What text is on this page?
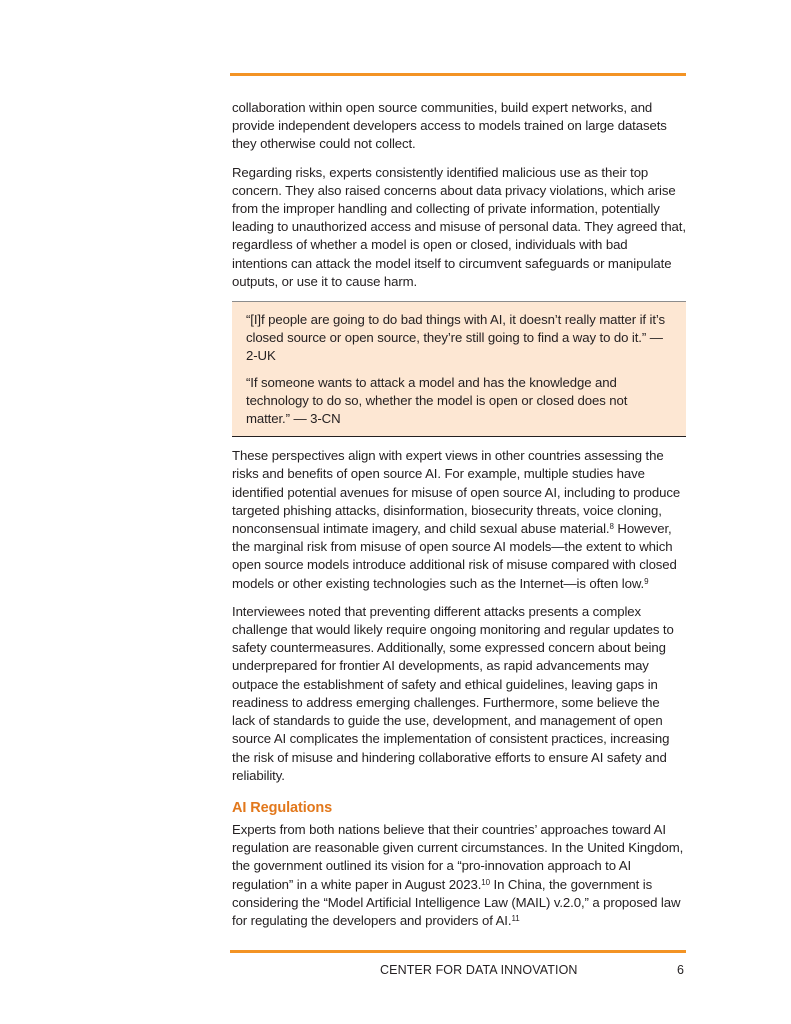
collaboration within open source communities, build expert networks, and provide independent developers access to models trained on large datasets they otherwise could not collect.

Regarding risks, experts consistently identified malicious use as their top concern. They also raised concerns about data privacy violations, which arise from the improper handling and collecting of private information, potentially leading to unauthorized access and misuse of personal data. They agreed that, regardless of whether a model is open or closed, individuals with bad intentions can attack the model itself to circumvent safeguards or manipulate outputs, or use it to cause harm.

“[I]f people are going to do bad things with AI, it doesn’t really matter if it’s closed source or open source, they’re still going to find a way to do it.” — 2-UK

“If someone wants to attack a model and has the knowledge and technology to do so, whether the model is open or closed does not matter.” — 3-CN

These perspectives align with expert views in other countries assessing the risks and benefits of open source AI. For example, multiple studies have identified potential avenues for misuse of open source AI, including to produce targeted phishing attacks, disinformation, biosecurity threats, voice cloning, nonconsensual intimate imagery, and child sexual abuse material.$^8$ However, the marginal risk from misuse of open source AI models—the extent to which open source models introduce additional risk of misuse compared with closed models or other existing technologies such as the Internet—is often low.$^9$

Interviewees noted that preventing different attacks presents a complex challenge that would likely require ongoing monitoring and regular updates to safety countermeasures. Additionally, some expressed concern about being underprepared for frontier AI developments, as rapid advancements may outpace the establishment of safety and ethical guidelines, leaving gaps in readiness to address emerging challenges. Furthermore, some believe the lack of standards to guide the use, development, and management of open source AI complicates the implementation of consistent practices, increasing the risk of misuse and hindering collaborative efforts to ensure AI safety and reliability.

AI Regulations

Experts from both nations believe that their countries’ approaches toward AI regulation are reasonable given current circumstances. In the United Kingdom, the government outlined its vision for a “pro-innovation approach to AI regulation” in a white paper in August 2023.10 In China, the government is considering the “Model Artificial Intelligence Law (MAIL) v.2.0,” a proposed law for regulating the developers and providers of AI.$^{11}$

CENTER FOR DATA INNOVATION	6
